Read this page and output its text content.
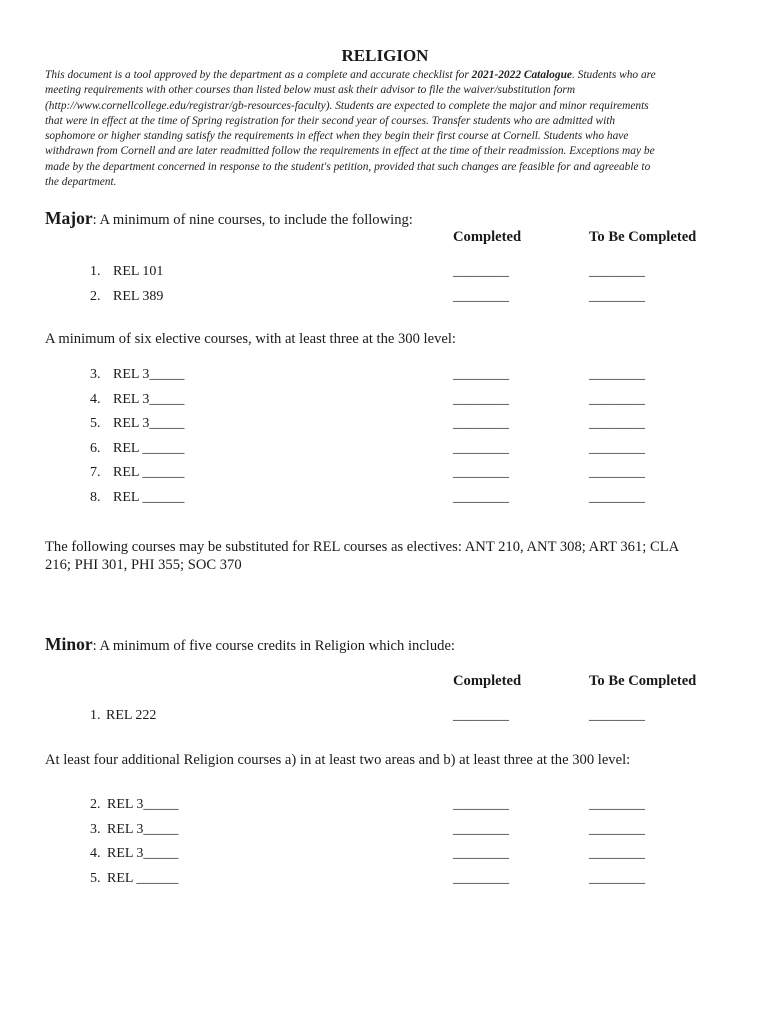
RELIGION

This document is a tool approved by the department as a complete and accurate checklist for 2021-2022 Catalogue. Students who are

meeting requirements with other courses than listed below must ask their advisor to file the waiver/substitution form

(http://www.cornellcollege.edu/registrar/gb-resources-faculty). Students are expected to complete the major and minor requirements

that were in effect at the time of Spring registration for their second year of courses. Transfer students who are admitted with

sophomore or higher standing satisfy the requirements in effect when they begin their first course at Cornell. Students who have

withdrawn from Cornell and are later readmitted follow the requirements in effect at the time of their readmission. Exceptions may be

made by the department concerned in response to the student's petition, provided that such changes are feasible for and agreeable to

the department.

Major: A minimum of nine courses, to include the following:
Completed	To Be Completed
1. REL 101	________	________
2. REL 389	________	________
A minimum of six elective courses, with at least three at the 300 level:
3. REL 3_____	________	________
4. REL 3_____	________	________
5. REL 3_____	________	________
6. REL ______	________	________
7. REL ______	________	________
8. REL ______	________	________
The following courses may be substituted for REL courses as electives: ANT 210, ANT 308; ART 361; CLA
216; PHI 301, PHI 355; SOC 370
Minor: A minimum of five course credits in Religion which include:
Completed	To Be Completed
1. REL 222	________	________
At least four additional Religion courses a) in at least two areas and b) at least three at the 300 level:
2. REL 3_____	________	________
3. REL 3_____	________	________
4. REL 3_____	________	________
5. REL ______	________	________
